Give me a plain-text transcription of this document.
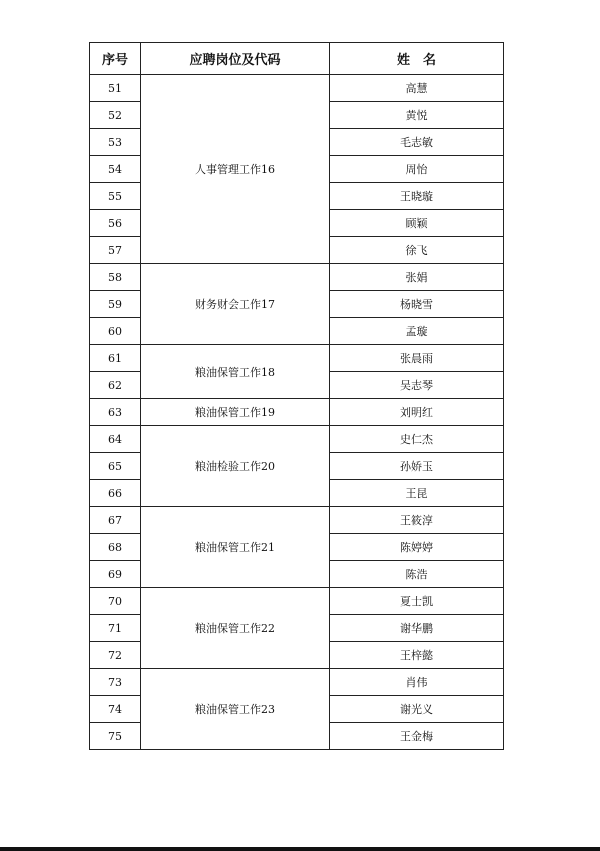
序号	应聘岗位及代码	姓　名
51	人事管理工作16	高慧
52		黄悦
53		毛志敏
54		周怡
55		王晓璇
56		顾颖
57		徐飞
58	财务财会工作17	张娟
59		杨晓雪
60		孟璇
61	粮油保管工作18	张晨雨
62		吴志琴
63	粮油保管工作19	刘明红
64	粮油检验工作20	史仁杰
65		孙娇玉
66		王昆
67	粮油保管工作21	王筱淳
68		陈婷婷
69		陈浩
70	粮油保管工作22	夏士凯
71		谢华鹏
72		王梓懿
73	粮油保管工作23	肖伟
74		谢光义
75		王金梅
